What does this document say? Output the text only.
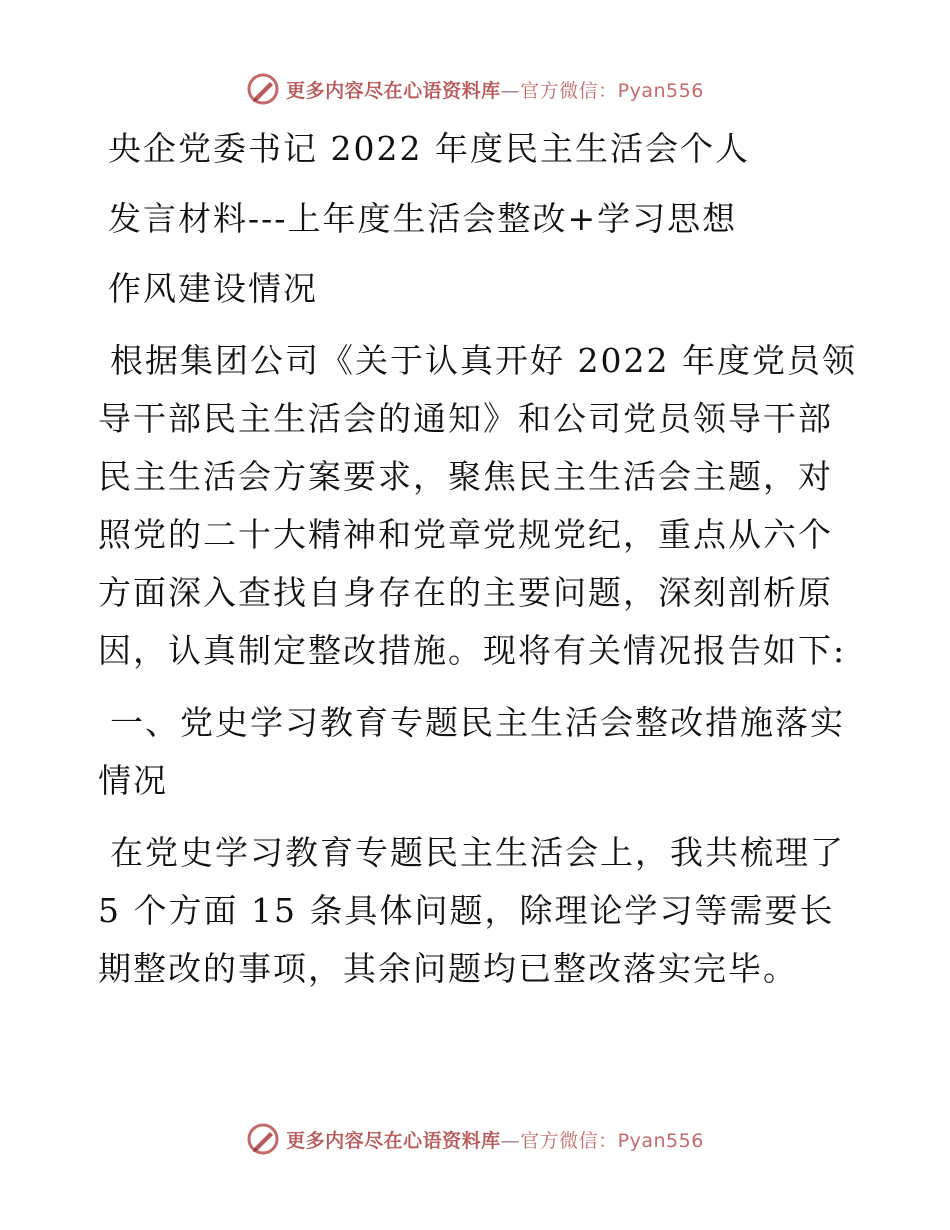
更多内容尽在心语资料库—官方微信：Pyan556
央企党委书记 2022 年度民主生活会个人
发言材料---上年度生活会整改+学习思想
作风建设情况

根据集团公司《关于认真开好 2022 年度党员领导干部民主生活会的通知》和公司党员领导干部民主生活会方案要求，聚焦民主生活会主题，对照党的二十大精神和党章党规党纪，重点从六个方面深入查找自身存在的主要问题，深刻剖析原因，认真制定整改措施。现将有关情况报告如下:

一、党史学习教育专题民主生活会整改措施落实情况

在党史学习教育专题民主生活会上，我共梳理了 5 个方面 15 条具体问题，除理论学习等需要长期整改的事项，其余问题均已整改落实完毕。

更多内容尽在心语资料库—官方微信：Pyan556
